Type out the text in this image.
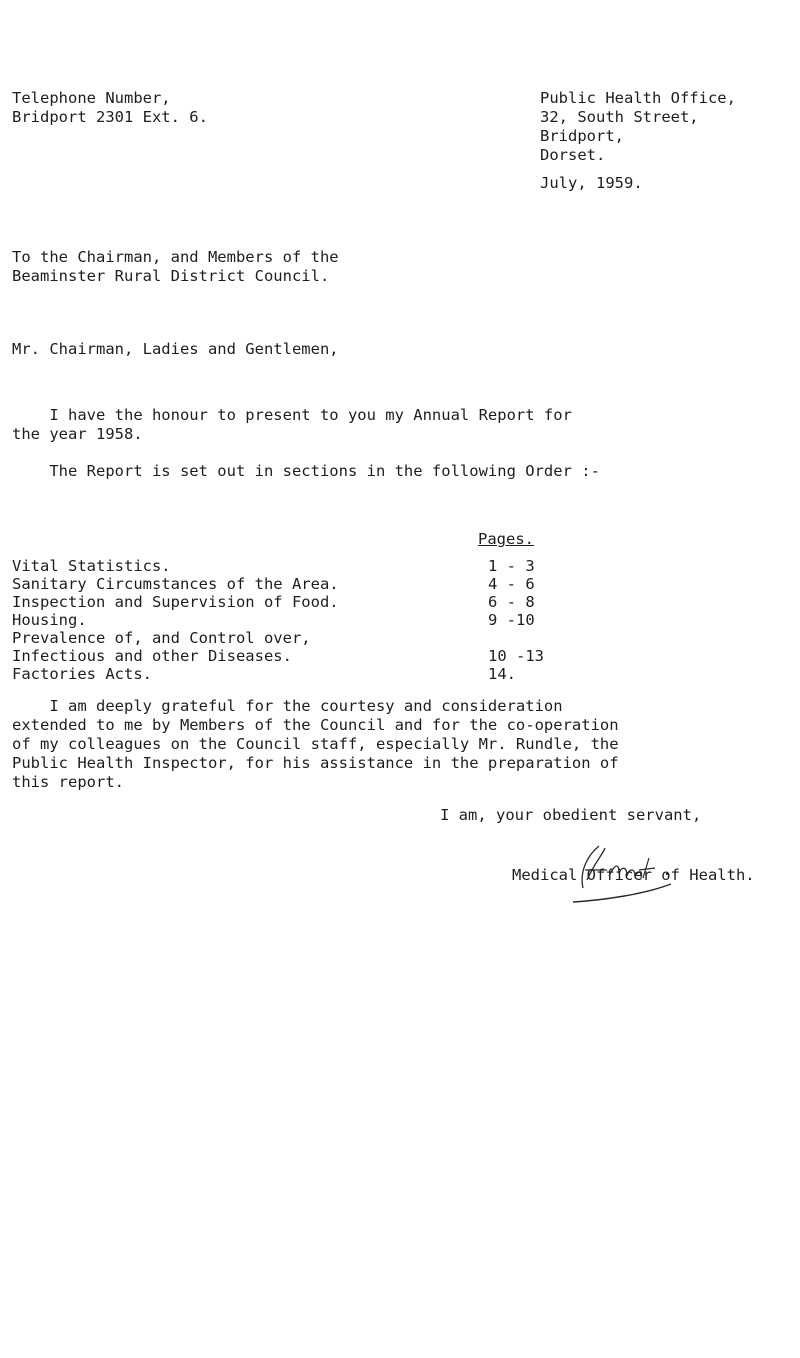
Telephone Number,
Bridport 2301 Ext. 6.
Public Health Office,
32, South Street,
Bridport,
Dorset.
July, 1959.
To the Chairman, and Members of the
Beaminster Rural District Council.
Mr. Chairman, Ladies and Gentlemen,
I have the honour to present to you my Annual Report for
the year 1958.
The Report is set out in sections in the following Order :-
Pages.
Vital Statistics.	1 - 3
Sanitary Circumstances of the Area.	4 - 6
Inspection and Supervision of Food.	6 - 8
Housing.	9 -10
Prevalence of, and Control over,
Infectious and other Diseases.	10 -13
Factories Acts.	14.
I am deeply grateful for the courtesy and consideration
extended to me by Members of the Council and for the co-operation
of my colleagues on the Council staff, especially Mr. Rundle, the
Public Health Inspector, for his assistance in the preparation of
this report.
I am, your obedient servant,
Medical Officer of Health.
